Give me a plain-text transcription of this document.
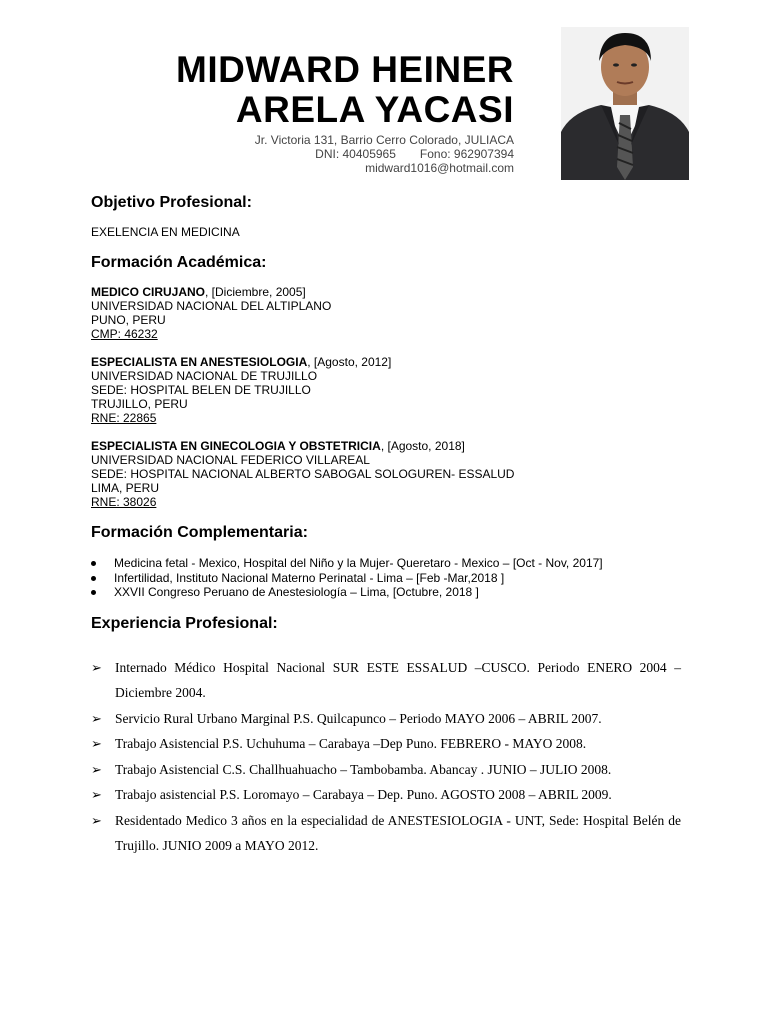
MIDWARD HEINER
ARELA YACASI
Jr. Victoria 131, Barrio Cerro Colorado, JULIACA
DNI: 40405965 Fono: 962907394
midward1016@hotmail.com
Objetivo Profesional:
EXELENCIA EN MEDICINA
Formación Académica:
MEDICO CIRUJANO, [Diciembre, 2005]
UNIVERSIDAD NACIONAL DEL ALTIPLANO
PUNO, PERU
CMP: 46232
ESPECIALISTA EN ANESTESIOLOGIA, [Agosto, 2012]
UNIVERSIDAD NACIONAL DE TRUJILLO
SEDE: HOSPITAL BELEN DE TRUJILLO
TRUJILLO, PERU
RNE: 22865
ESPECIALISTA EN GINECOLOGIA Y OBSTETRICIA, [Agosto, 2018]
UNIVERSIDAD NACIONAL FEDERICO VILLAREAL
SEDE: HOSPITAL NACIONAL ALBERTO SABOGAL SOLOGUREN- ESSALUD
LIMA, PERU
RNE: 38026
Formación Complementaria:
Medicina fetal - Mexico, Hospital del Niño y la Mujer- Queretaro - Mexico – [Oct - Nov, 2017]
Infertilidad, Instituto Nacional Materno Perinatal - Lima – [Feb -Mar,2018 ]
XXVII Congreso Peruano de Anestesiología – Lima, [Octubre, 2018 ]
Experiencia Profesional:
➢ Internado Médico Hospital Nacional SUR ESTE ESSALUD –CUSCO. Periodo ENERO 2004 – Diciembre 2004.
➢ Servicio Rural Urbano Marginal P.S. Quilcapunco – Periodo MAYO 2006 – ABRIL 2007.
➢ Trabajo Asistencial P.S. Uchuhuma – Carabaya –Dep Puno. FEBRERO - MAYO 2008.
➢ Trabajo Asistencial C.S. Challhuahuacho – Tambobamba. Abancay . JUNIO – JULIO 2008.
➢ Trabajo asistencial P.S. Loromayo – Carabaya – Dep. Puno. AGOSTO 2008 – ABRIL 2009.
➢ Residentado Medico 3 años en la especialidad de ANESTESIOLOGIA - UNT, Sede: Hospital Belén de Trujillo. JUNIO 2009 a MAYO 2012.
